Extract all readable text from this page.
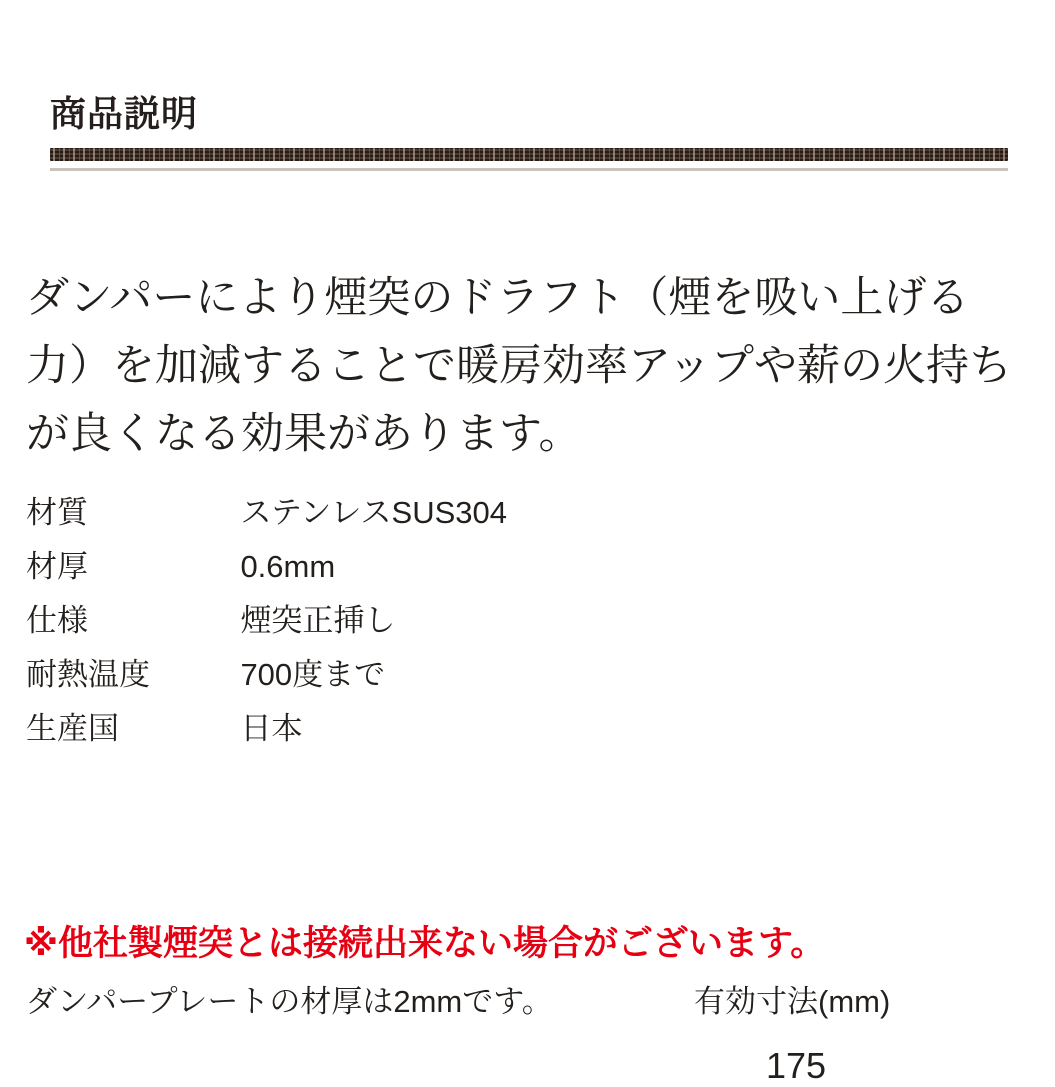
商品説明

ダンパーにより煙突のドラフト（煙を吸い上げる力）を加減することで暖房効率アップや薪の火持ちが良くなる効果があります。

材質	ステンレスSUS304
材厚	0.6mm
仕様	煙突正挿し
耐熱温度	700度まで
生産国	日本

※他社製煙突とは接続出来ない場合がございます。

ダンパープレートの材厚は2mmです。	有効寸法(mm)

175
